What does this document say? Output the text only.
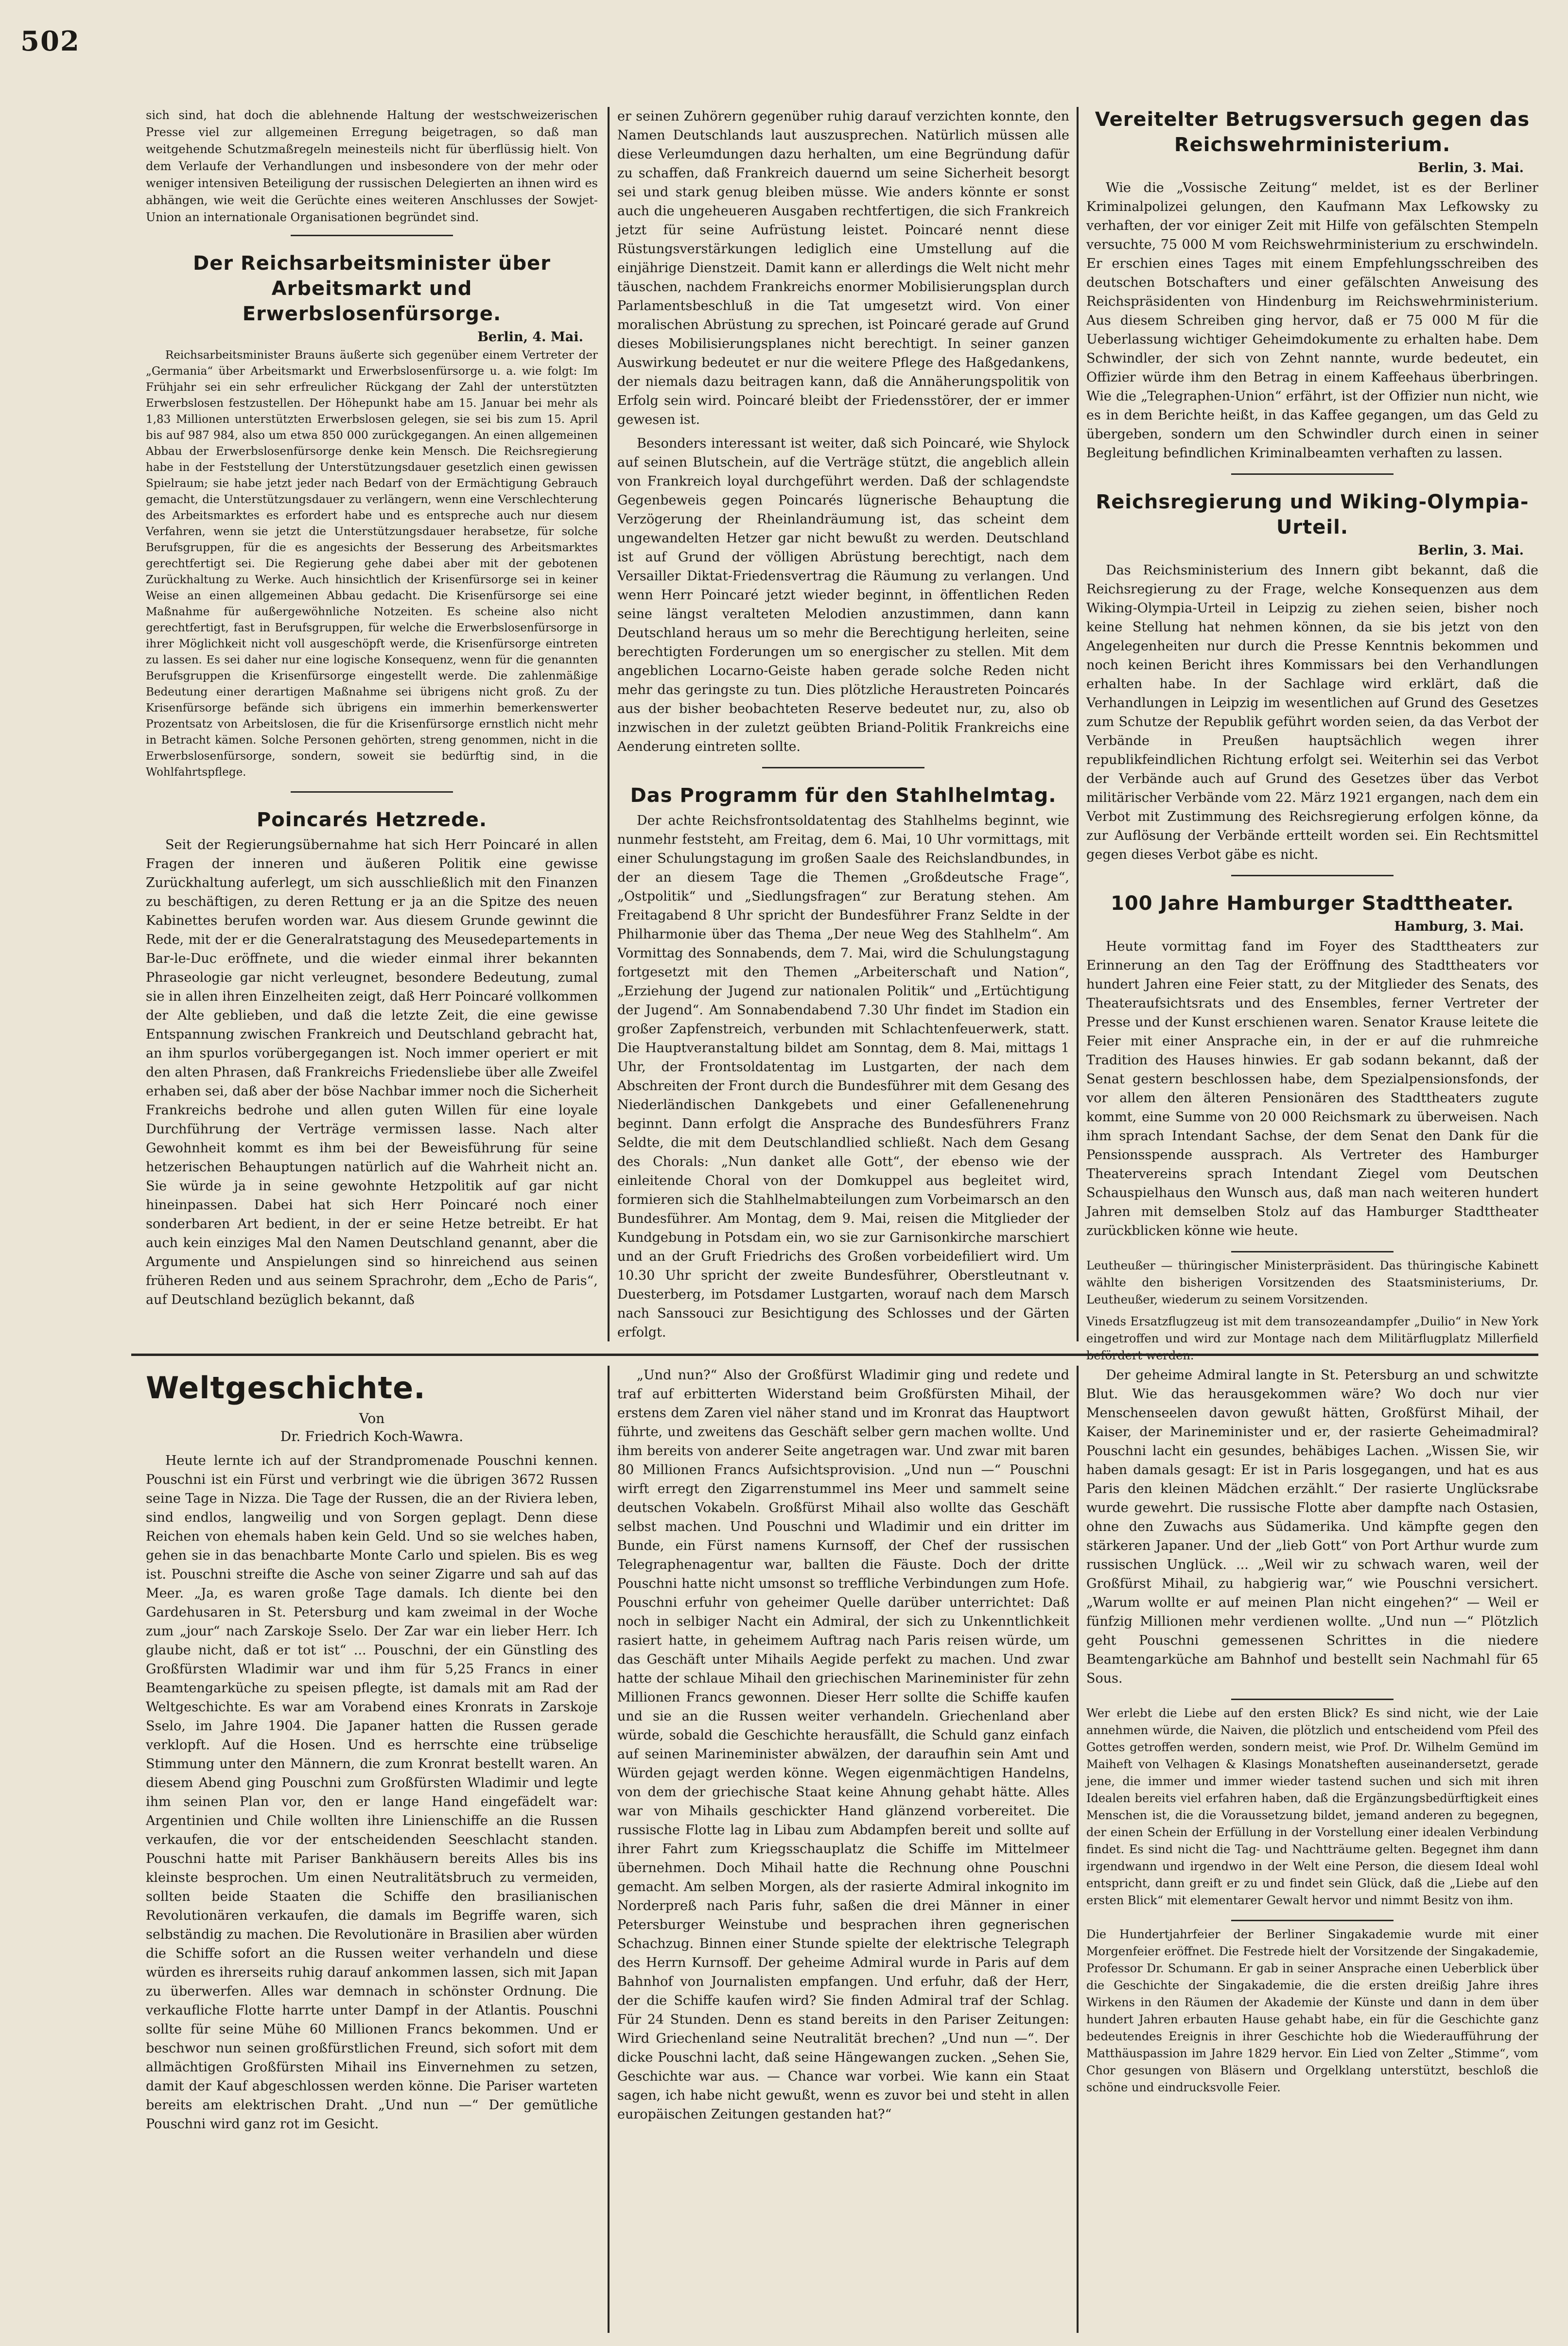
502

sich sind, hat doch die ablehnende Haltung der westschweizerischen Presse viel zur allgemeinen Erregung beigetragen, so daß man weitgehende Schutzmaßregeln meinesteils nicht für überflüssig hielt. Von dem Verlaufe der Verhandlungen und insbesondere von der mehr oder weniger intensiven Beteiligung der russischen Delegierten an ihnen wird es abhängen, wie weit die Gerüchte eines weiteren Anschlusses der Sowjet-Union an internationale Organisationen begründet sind.

Der Reichsarbeitsminister über Arbeitsmarkt und Erwerbslosenfürsorge.
Berlin, 4. Mai.

Reichsarbeitsminister Brauns äußerte sich gegenüber einem Vertreter der „Germania“ über Arbeitsmarkt und Erwerbslosenfürsorge u. a. wie folgt: Im Frühjahr sei ein sehr erfreulicher Rückgang der Zahl der unterstützten Erwerbslosen festzustellen. Der Höhepunkt habe am 15. Januar bei mehr als 1,83 Millionen unterstützten Erwerbslosen gelegen, sie sei bis zum 15. April bis auf 987 984, also um etwa 850 000 zurückgegangen. An einen allgemeinen Abbau der Erwerbslosenfürsorge denke kein Mensch. Die Reichsregierung habe in der Feststellung der Unterstützungsdauer gesetzlich einen gewissen Spielraum; sie habe jetzt jeder nach Bedarf von der Ermächtigung Gebrauch gemacht, die Unterstützungsdauer zu verlängern, wenn eine Verschlechterung des Arbeitsmarktes es erfordert habe und es entspreche auch nur diesem Verfahren, wenn sie jetzt die Unterstützungsdauer herabsetze, für solche Berufsgruppen, für die es angesichts der Besserung des Arbeitsmarktes gerechtfertigt sei. Die Regierung gehe dabei aber mit der gebotenen Zurückhaltung zu Werke. Auch hinsichtlich der Krisenfürsorge sei in keiner Weise an einen allgemeinen Abbau gedacht. Die Krisenfürsorge sei eine Maßnahme für außergewöhnliche Notzeiten. Es scheine also nicht gerechtfertigt, fast in Berufsgruppen, für welche die Erwerbslosenfürsorge in ihrer Möglichkeit nicht voll ausgeschöpft werde, die Krisenfürsorge eintreten zu lassen. Es sei daher nur eine logische Konsequenz, wenn für die genannten Berufsgruppen die Krisenfürsorge eingestellt werde. Die zahlenmäßige Bedeutung einer derartigen Maßnahme sei übrigens nicht groß. Zu der Krisenfürsorge befände sich übrigens ein immerhin bemerkenswerter Prozentsatz von Arbeitslosen, die für die Krisenfürsorge ernstlich nicht mehr in Betracht kämen. Solche Personen gehörten, streng genommen, nicht in die Erwerbslosenfürsorge, sondern, soweit sie bedürftig sind, in die Wohlfahrtspflege.

Poincarés Hetzrede.

Seit der Regierungsübernahme hat sich Herr Poincaré in allen Fragen der inneren und äußeren Politik eine gewisse Zurückhaltung auferlegt, um sich ausschließlich mit den Finanzen zu beschäftigen, zu deren Rettung er ja an die Spitze des neuen Kabinettes berufen worden war. Aus diesem Grunde gewinnt die Rede, mit der er die Generalratstagung des Meusedepartements in Bar-le-Duc eröffnete, und die wieder einmal ihrer bekannten Phraseologie gar nicht verleugnet, besondere Bedeutung, zumal sie in allen ihren Einzelheiten zeigt, daß Herr Poincaré vollkommen der Alte geblieben, und daß die letzte Zeit, die eine gewisse Entspannung zwischen Frankreich und Deutschland gebracht hat, an ihm spurlos vorübergegangen ist. Noch immer operiert er mit den alten Phrasen, daß Frankreichs Friedensliebe über alle Zweifel erhaben sei, daß aber der böse Nachbar immer noch die Sicherheit Frankreichs bedrohe und allen guten Willen für eine loyale Durchführung der Verträge vermissen lasse. Nach alter Gewohnheit kommt es ihm bei der Beweisführung für seine hetzerischen Behauptungen natürlich auf die Wahrheit nicht an. Sie würde ja in seine gewohnte Hetzpolitik auf gar nicht hineinpassen. Dabei hat sich Herr Poincaré noch einer sonderbaren Art bedient, in der er seine Hetze betreibt. Er hat auch kein einziges Mal den Namen Deutschland genannt, aber die Argumente und Anspielungen sind so hinreichend aus seinen früheren Reden und aus seinem Sprachrohr, dem „Echo de Paris“, auf Deutschland bezüglich bekannt, daß

er seinen Zuhörern gegenüber ruhig darauf verzichten konnte, den Namen Deutschlands laut auszusprechen. Natürlich müssen alle diese Verleumdungen dazu herhalten, um eine Begründung dafür zu schaffen, daß Frankreich dauernd um seine Sicherheit besorgt sei und stark genug bleiben müsse. Wie anders könnte er sonst auch die ungeheueren Ausgaben rechtfertigen, die sich Frankreich jetzt für seine Aufrüstung leistet. Poincaré nennt diese Rüstungsverstärkungen lediglich eine Umstellung auf die einjährige Dienstzeit. Damit kann er allerdings die Welt nicht mehr täuschen, nachdem Frankreichs enormer Mobilisierungsplan durch Parlamentsbeschluß in die Tat umgesetzt wird. Von einer moralischen Abrüstung zu sprechen, ist Poincaré gerade auf Grund dieses Mobilisierungsplanes nicht berechtigt. In seiner ganzen Auswirkung bedeutet er nur die weitere Pflege des Haßgedankens, der niemals dazu beitragen kann, daß die Annäherungspolitik von Erfolg sein wird. Poincaré bleibt der Friedensstörer, der er immer gewesen ist.

Besonders interessant ist weiter, daß sich Poincaré, wie Shylock auf seinen Blutschein, auf die Verträge stützt, die angeblich allein von Frankreich loyal durchgeführt werden. Daß der schlagendste Gegenbeweis gegen Poincarés lügnerische Behauptung die Verzögerung der Rheinlandräumung ist, das scheint dem ungewandelten Hetzer gar nicht bewußt zu werden. Deutschland ist auf Grund der völligen Abrüstung berechtigt, nach dem Versailler Diktat-Friedensvertrag die Räumung zu verlangen. Und wenn Herr Poincaré jetzt wieder beginnt, in öffentlichen Reden seine längst veralteten Melodien anzustimmen, dann kann Deutschland heraus um so mehr die Berechtigung herleiten, seine berechtigten Forderungen um so energischer zu stellen. Mit dem angeblichen Locarno-Geiste haben gerade solche Reden nicht mehr das geringste zu tun. Dies plötzliche Heraustreten Poincarés aus der bisher beobachteten Reserve bedeutet nur, zu, also ob inzwischen in der zuletzt geübten Briand-Politik Frankreichs eine Aenderung eintreten sollte.

Das Programm für den Stahlhelmtag.

Der achte Reichsfrontsoldatentag des Stahlhelms beginnt, wie nunmehr feststeht, am Freitag, dem 6. Mai, 10 Uhr vormittags, mit einer Schulungstagung im großen Saale des Reichslandbundes, in der an diesem Tage die Themen „Großdeutsche Frage“, „Ostpolitik“ und „Siedlungsfragen“ zur Beratung stehen. Am Freitagabend 8 Uhr spricht der Bundesführer Franz Seldte in der Philharmonie über das Thema „Der neue Weg des Stahlhelm“. Am Vormittag des Sonnabends, dem 7. Mai, wird die Schulungstagung fortgesetzt mit den Themen „Arbeiterschaft und Nation“, „Erziehung der Jugend zur nationalen Politik“ und „Ertüchtigung der Jugend“. Am Sonnabendabend 7.30 Uhr findet im Stadion ein großer Zapfenstreich, verbunden mit Schlachtenfeuerwerk, statt. Die Hauptveranstaltung bildet am Sonntag, dem 8. Mai, mittags 1 Uhr, der Frontsoldatentag im Lustgarten, der nach dem Abschreiten der Front durch die Bundesführer mit dem Gesang des Niederländischen Dankgebets und einer Gefallenenehrung beginnt. Dann erfolgt die Ansprache des Bundesführers Franz Seldte, die mit dem Deutschlandlied schließt. Nach dem Gesang des Chorals: „Nun danket alle Gott“, der ebenso wie der einleitende Choral von der Domkuppel aus begleitet wird, formieren sich die Stahlhelmabteilungen zum Vorbeimarsch an den Bundesführer. Am Montag, dem 9. Mai, reisen die Mitglieder der Kundgebung in Potsdam ein, wo sie zur Garnisonkirche marschiert und an der Gruft Friedrichs des Großen vorbeidefiliert wird. Um 10.30 Uhr spricht der zweite Bundesführer, Oberstleutnant v. Duesterberg, im Potsdamer Lustgarten, worauf nach dem Marsch nach Sanssouci zur Besichtigung des Schlosses und der Gärten erfolgt.

Vereitelter Betrugsversuch gegen das Reichswehrministerium.
Berlin, 3. Mai.

Wie die „Vossische Zeitung“ meldet, ist es der Berliner Kriminalpolizei gelungen, den Kaufmann Max Lefkowsky zu verhaften, der vor einiger Zeit mit Hilfe von gefälschten Stempeln versuchte, 75 000 M vom Reichswehrministerium zu erschwindeln. Er erschien eines Tages mit einem Empfehlungsschreiben des deutschen Botschafters und einer gefälschten Anweisung des Reichspräsidenten von Hindenburg im Reichswehrministerium. Aus diesem Schreiben ging hervor, daß er 75 000 M für die Ueberlassung wichtiger Geheimdokumente zu erhalten habe. Dem Schwindler, der sich von Zehnt nannte, wurde bedeutet, ein Offizier würde ihm den Betrag in einem Kaffeehaus überbringen. Wie die „Telegraphen-Union“ erfährt, ist der Offizier nun nicht, wie es in dem Berichte heißt, in das Kaffee gegangen, um das Geld zu übergeben, sondern um den Schwindler durch einen in seiner Begleitung befindlichen Kriminalbeamten verhaften zu lassen.

Reichsregierung und Wiking-Olympia-Urteil.
Berlin, 3. Mai.

Das Reichsministerium des Innern gibt bekannt, daß die Reichsregierung zu der Frage, welche Konsequenzen aus dem Wiking-Olympia-Urteil in Leipzig zu ziehen seien, bisher noch keine Stellung hat nehmen können, da sie bis jetzt von den Angelegenheiten nur durch die Presse Kenntnis bekommen und noch keinen Bericht ihres Kommissars bei den Verhandlungen erhalten habe. In der Sachlage wird erklärt, daß die Verhandlungen in Leipzig im wesentlichen auf Grund des Gesetzes zum Schutze der Republik geführt worden seien, da das Verbot der Verbände in Preußen hauptsächlich wegen ihrer republikfeindlichen Richtung erfolgt sei. Weiterhin sei das Verbot der Verbände auch auf Grund des Gesetzes über das Verbot militärischer Verbände vom 22. März 1921 ergangen, nach dem ein Verbot mit Zustimmung des Reichsregierung erfolgen könne, da zur Auflösung der Verbände ertteilt worden sei. Ein Rechtsmittel gegen dieses Verbot gäbe es nicht.

100 Jahre Hamburger Stadttheater.
Hamburg, 3. Mai.

Heute vormittag fand im Foyer des Stadttheaters zur Erinnerung an den Tag der Eröffnung des Stadttheaters vor hundert Jahren eine Feier statt, zu der Mitglieder des Senats, des Theateraufsichtsrats und des Ensembles, ferner Vertreter der Presse und der Kunst erschienen waren. Senator Krause leitete die Feier mit einer Ansprache ein, in der er auf die ruhmreiche Tradition des Hauses hinwies. Er gab sodann bekannt, daß der Senat gestern beschlossen habe, dem Spezialpensionsfonds, der vor allem den älteren Pensionären des Stadttheaters zugute kommt, eine Summe von 20 000 Reichsmark zu überweisen. Nach ihm sprach Intendant Sachse, der dem Senat den Dank für die Pensionsspende aussprach. Als Vertreter des Hamburger Theatervereins sprach Intendant Ziegel vom Deutschen Schauspielhaus den Wunsch aus, daß man nach weiteren hundert Jahren mit demselben Stolz auf das Hamburger Stadttheater zurückblicken könne wie heute.

Leutheußer — thüringischer Ministerpräsident. Das thüringische Kabinett wählte den bisherigen Vorsitzenden des Staatsministeriums, Dr. Leutheußer, wiederum zu seinem Vorsitzenden.

Vineds Ersatzflugzeug ist mit dem transozeandampfer „Duilio“ in New York eingetroffen und wird zur Montage nach dem Militärflugplatz Millerfield

Weltgeschichte.
Von
Dr. Friedrich Koch-Wawra.

Heute lernte ich auf der Strandpromenade Pouschni kennen. Pouschni ist ein Fürst und verbringt wie die übrigen 3672 Russen seine Tage in Nizza. Die Tage der Russen, die an der Riviera leben, sind endlos, langweilig und von Sorgen geplagt. Denn diese Reichen von ehemals haben kein Geld. Und so sie welches haben, gehen sie in das benachbarte Monte Carlo und spielen. Bis es weg ist. Pouschni streifte die Asche von seiner Zigarre und sah auf das Meer. „Ja, es waren große Tage damals. Ich diente bei den Gardehusaren in St. Petersburg und kam zweimal in der Woche zum „jour“ nach Zarskoje Sselo. Der Zar war ein lieber Herr. Ich glaube nicht, daß er tot ist“ ... Pouschni, der ein Günstling des Großfürsten Wladimir war und ihm für 5,25 Francs in einer Beamtengarküche zu speisen pflegte, ist damals mit am Rad der Weltgeschichte. Es war am Vorabend eines Kronrats in Zarskoje Sselo, im Jahre 1904. Die Japaner hatten die Russen gerade verklopft. Auf die Hosen. Und es herrschte eine trübselige Stimmung unter den Männern, die zum Kronrat bestellt waren. An diesem Abend ging Pouschni zum Großfürsten Wladimir und legte ihm seinen Plan vor, den er lange Hand eingefädelt war: Argentinien und Chile wollten ihre Linienschiffe an die Russen verkaufen, die vor der entscheidenden Seeschlacht standen. Pouschni hatte mit Pariser Bankhäusern bereits Alles bis ins kleinste besprochen. Um einen Neutralitätsbruch zu vermeiden, sollten beide Staaten die Schiffe den brasilianischen Revolutionären verkaufen, die damals im Begriffe waren, sich selbständig zu machen. Die Revolutionäre in Brasilien aber würden die Schiffe sofort an die Russen weiter verhandeln und diese würden es ihrerseits ruhig darauf ankommen lassen, sich mit Japan zu überwerfen. Alles war demnach in schönster Ordnung. Die verkaufliche Flotte harrte unter Dampf in der Atlantis. Pouschni sollte für seine Mühe 60 Millionen Francs bekommen. Und er beschwor nun seinen großfürstlichen Freund, sich sofort mit dem allmächtigen Großfürsten Mihail ins Einvernehmen zu setzen, damit der Kauf abgeschlossen werden könne. Die Pariser warteten bereits am elektrischen Draht. „Und nun —“ Der gemütliche Pouschni wird ganz rot im Gesicht.

„Und nun?“ Also der Großfürst Wladimir ging und redete und traf auf erbitterten Widerstand beim Großfürsten Mihail, der erstens dem Zaren viel näher stand und im Kronrat das Hauptwort führte, und zweitens das Geschäft selber gern machen wollte. Und ihm bereits von anderer Seite angetragen war. Und zwar mit baren 80 Millionen Francs Aufsichtsprovision. „Und nun —“ Pouschni wirft erregt den Zigarrenstummel ins Meer und sammelt seine deutschen Vokabeln. Großfürst Mihail also wollte das Geschäft selbst machen. Und Pouschni und Wladimir und ein dritter im Bunde, ein Fürst namens Kurnsoff, der Chef der russischen Telegraphenagentur war, ballten die Fäuste. Doch der dritte Pouschni hatte nicht umsonst so treffliche Verbindungen zum Hofe. Pouschni erfuhr von geheimer Quelle darüber unterrichtet: Daß noch in selbiger Nacht ein Admiral, der sich zu Unkenntlichkeit rasiert hatte, in geheimem Auftrag nach Paris reisen würde, um das Geschäft unter Mihails Aegide perfekt zu machen. Und zwar hatte der schlaue Mihail den griechischen Marineminister für zehn Millionen Francs gewonnen. Dieser Herr sollte die Schiffe kaufen und sie an die Russen weiter verhandeln. Griechenland aber würde, sobald die Geschichte herausfällt, die Schuld ganz einfach auf seinen Marineminister abwälzen, der daraufhin sein Amt und Würden gejagt werden könne. Wegen eigenmächtigen Handelns, von dem der griechische Staat keine Ahnung gehabt hätte. Alles war von Mihails geschickter Hand glänzend vorbereitet. Die russische Flotte lag in Libau zum Abdampfen bereit und sollte auf ihrer Fahrt zum Kriegsschauplatz die Schiffe im Mittelmeer übernehmen. Doch Mihail hatte die Rechnung ohne Pouschni gemacht. Am selben Morgen, als der rasierte Admiral inkognito im Norderpreß nach Paris fuhr, saßen die drei Männer in einer Petersburger Weinstube und besprachen ihren gegnerischen Schachzug. Binnen einer Stunde spielte der elektrische Telegraph des Herrn Kurnsoff. Der geheime Admiral wurde in Paris auf dem Bahnhof von Journalisten empfangen. Und erfuhr, daß der Herr, der die Schiffe kaufen wird? Sie finden Admiral traf der Schlag. Für 24 Stunden. Denn es stand bereits in den Pariser Zeitungen: Wird Griechenland seine Neutralität brechen? „Und nun —“. Der dicke Pouschni lacht, daß seine Hängewangen zucken. „Sehen Sie, Geschichte war aus. — Chance war vorbei. Wie kann ein Staat sagen, ich habe nicht gewußt, wenn es zuvor bei und steht in allen europäischen Zeitungen gestanden hat?“

Der geheime Admiral langte in St. Petersburg an und schwitzte Blut. Wie das herausgekommen wäre? Wo doch nur vier Menschenseelen davon gewußt hätten, Großfürst Mihail, der Kaiser, der Marineminister und er, der rasierte Geheimadmiral? Pouschni lacht ein gesundes, behäbiges Lachen. „Wissen Sie, wir haben damals gesagt: Er ist in Paris losgegangen, und hat es aus Paris den kleinen Mädchen erzählt.“ Der rasierte Unglücksrabe wurde gewehrt. Die russische Flotte aber dampfte nach Ostasien, ohne den Zuwachs aus Südamerika. Und kämpfte gegen den stärkeren Japaner. Und der „lieb Gott“ von Port Arthur wurde zum russischen Unglück. ... „Weil wir zu schwach waren, weil der Großfürst Mihail, zu habgierig war,“ wie Pouschni versichert. „Warum wollte er auf meinen Plan nicht eingehen?“ — Weil er fünfzig Millionen mehr verdienen wollte. „Und nun —“ Plötzlich geht Pouschni gemessenen Schrittes in die niedere Beamtengarküche am Bahnhof und bestellt sein Nachmahl für 65 Sous.

Wer erlebt die Liebe auf den ersten Blick? Es sind nicht, wie der Laie annehmen würde, die Naiven, die plötzlich und entscheidend vom Pfeil des Gottes getroffen werden, sondern meist, wie Prof. Dr. Wilhelm Gemünd im Maiheft von Velhagen & Klasings Monatsheften auseinandersetzt, gerade jene, die immer und immer wieder tastend suchen und sich mit ihren Idealen bereits viel erfahren haben, daß die Ergänzungsbedürftigkeit eines Menschen ist, die die Voraussetzung bildet, jemand anderen zu begegnen, der einen Schein der Erfüllung in der Vorstellung einer idealen Verbindung findet. Es sind nicht die Tag- und Nachtträume gelten. Begegnet ihm dann irgendwann und irgendwo in der Welt eine Person, die diesem Ideal wohl entspricht, dann greift er zu und findet sein Glück, daß die „Liebe auf den ersten Blick“ mit elementarer Gewalt hervor und nimmt Besitz von ihm.

Die Hundertjahrfeier der Berliner Singakademie wurde mit einer Morgenfeier eröffnet. Die Festrede hielt der Vorsitzende der Singakademie, Professor Dr. Schumann. Er gab in seiner Ansprache einen Ueberblick über die Geschichte der Singakademie, die die ersten dreißig Jahre ihres Wirkens in den Räumen der Akademie der Künste und dann in dem über hundert Jahren erbauten Hause gehabt habe, ein für die Geschichte ganz bedeutendes Ereignis in ihrer Geschichte hob die Wiederaufführung der Matthäuspassion im Jahre 1829 hervor. Ein Lied von Zelter „Stimme“, vom Chor gesungen von Bläsern und Orgelklang unterstützt, beschloß die schöne und eindrucksvolle Feier.
